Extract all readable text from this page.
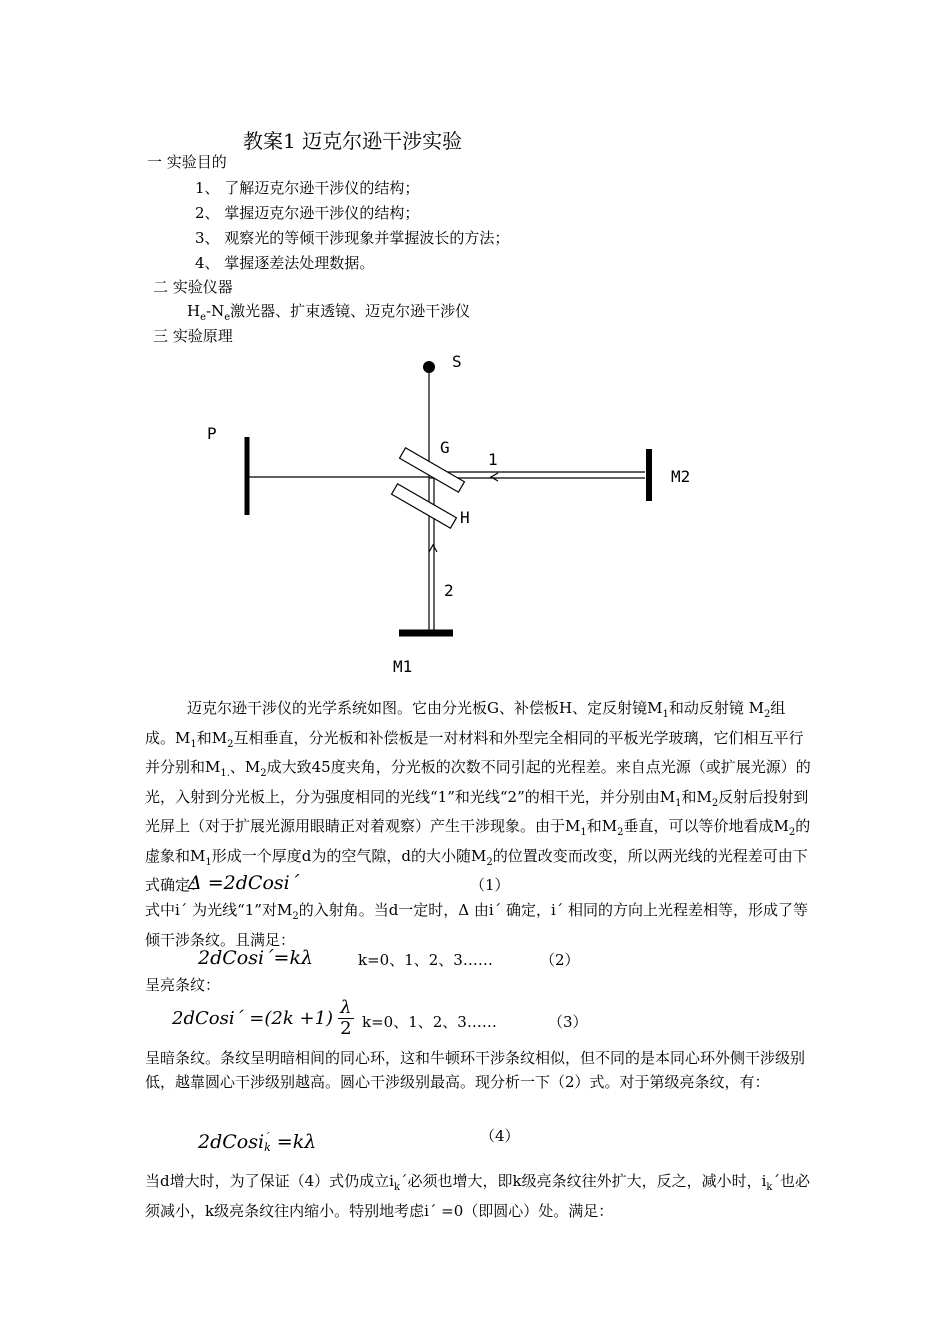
教案1 迈克尔逊干涉实验
一 实验目的
1、 了解迈克尔逊干涉仪的结构；
2、 掌握迈克尔逊干涉仪的结构；
3、 观察光的等倾干涉现象并掌握波长的方法；
4、 掌握逐差法处理数据。
二 实验仪器
$H_e-N_e$激光器、扩束透镜、迈克尔逊干涉仪
三 实验原理
S
P
M2
M1
G
H
1
2

迈克尔逊干涉仪的光学系统如图。它由分光板G、补偿板H、定反射镜$M_1$和动反射镜 $M_2$组成。$M_1$和$M_2$互相垂直，分光板和补偿板是一对材料和外型完全相同的平板光学玻璃，它们相互平行并分别和$M_{1.}$、$M_2$成大致45度夹角，分光板的次数不同引起的光程差。来自点光源（或扩展光源）的光，入射到分光板上，分为强度相同的光线“1”和光线“2”的相干光，并分别由$M_1$和$M_2$反射后投射到光屏上（对于扩展光源用眼睛正对着观察）产生干涉现象。由于$M_1$和$M_2$垂直，可以等价地看成$M_2$的虚象和$M_1$形成一个厚度d为的空气隙，d的大小随$M_2$的位置改变而改变，所以两光线的光程差可由下式确定：

Δ =2dCosi´	（1）

式中i´ 为光线“1”对$M_2$的入射角。当d一定时，Δ 由i´ 确定，i´ 相同的方向上光程差相等，形成了等倾干涉条纹。且满足：

2dCosi´=kλ	k=0、1、2、3……	（2）
呈亮条纹：
2dCosi´ $=(2k +1) \frac{\lambda}{2} k=0$、1、2、3……	（3）

呈暗条纹。条纹呈明暗相间的同心环，这和牛顿环干涉条纹相似，但不同的是本同心环外侧干涉级别低，越靠圆心干涉级别越高。圆心干涉级别最高。现分析一下（2）式。对于第级亮条纹，有：

2dCosi ´
k =kλ	（4）

当d增大时，为了保证（4）式仍成立$i_k´$必须也增大，即k级亮条纹往外扩大，反之，减小时，$i_k´$也必须减小，k级亮条纹往内缩小。特别地考虑i´ =0（即圆心）处。满足：
